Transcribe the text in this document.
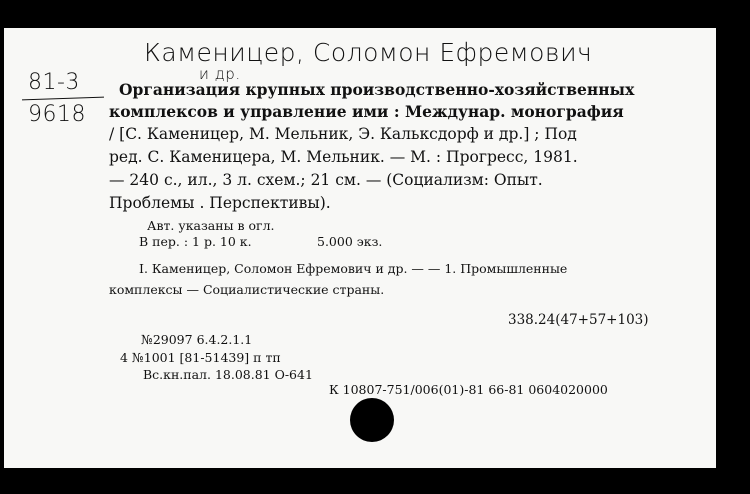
Каменицер, Соломон Ефремович
и др.
81-3
9618
Организация крупных производственно-хозяйственных
комплексов и управление ими : Междунар. монография
/ [С. Каменицер, М. Мельник, Э. Калькcдорф и др.] ; Под
ред. С. Каменицера, М. Мельник. — М. : Прогресс, 1981.
— 240 с., ил., 3 л. схем.; 21 см. — (Социализм: Опыт.
Проблемы . Перспективы).
Авт. указаны в огл.
В пер. : 1 р. 10 к.	5.000 экз.
I. Каменицер, Соломон Ефремович и др. — — 1. Промышленные
комплексы — Социалистические страны.
338.24(47+57+103)
№29097 6.4.2.1.1
4 №1001 [81-51439] п тп
Вс.кн.пал. 18.08.81 О-641
К 10807-751/006(01)-81 66-81 0604020000
